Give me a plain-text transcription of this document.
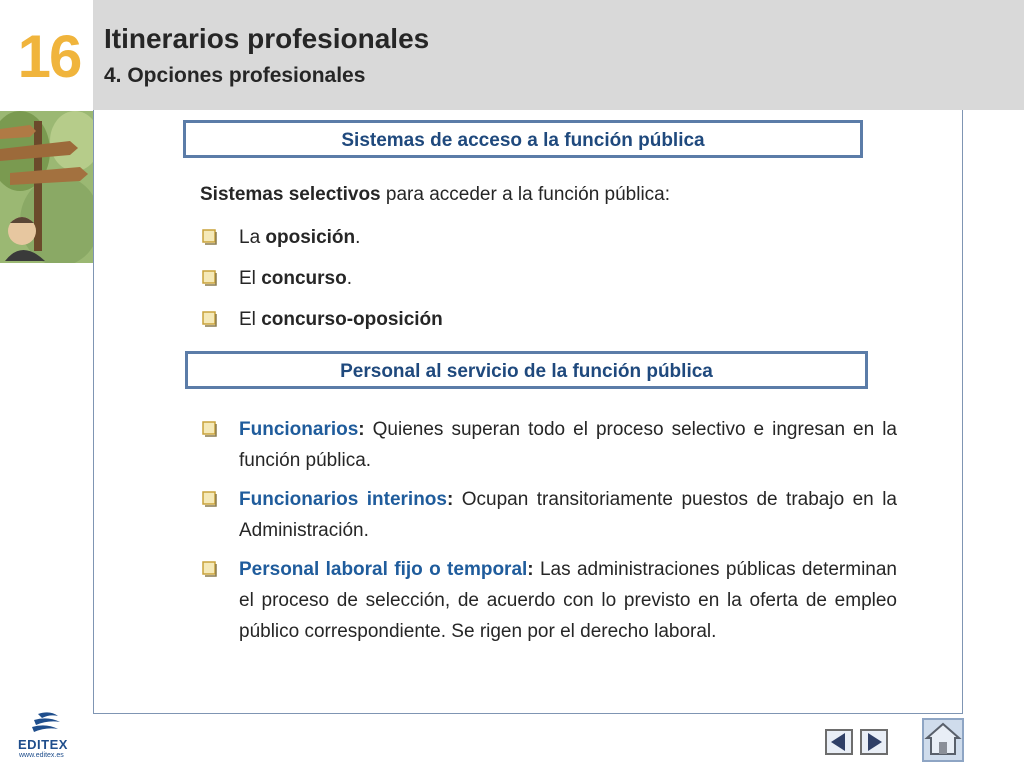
16 Itinerarios profesionales
4. Opciones profesionales
Sistemas de acceso a la función pública
Sistemas selectivos para acceder a la función pública:
La oposición.
El concurso.
El concurso-oposición
Personal al servicio de la función pública
Funcionarios: Quienes superan todo el proceso selectivo e ingresan en la función pública.
Funcionarios interinos: Ocupan transitoriamente puestos de trabajo en la Administración.
Personal laboral fijo o temporal: Las administraciones públicas determinan el proceso de selección, de acuerdo con lo previsto en la oferta de empleo público correspondiente. Se rigen por el derecho laboral.
EDITEX
www.editex.es
